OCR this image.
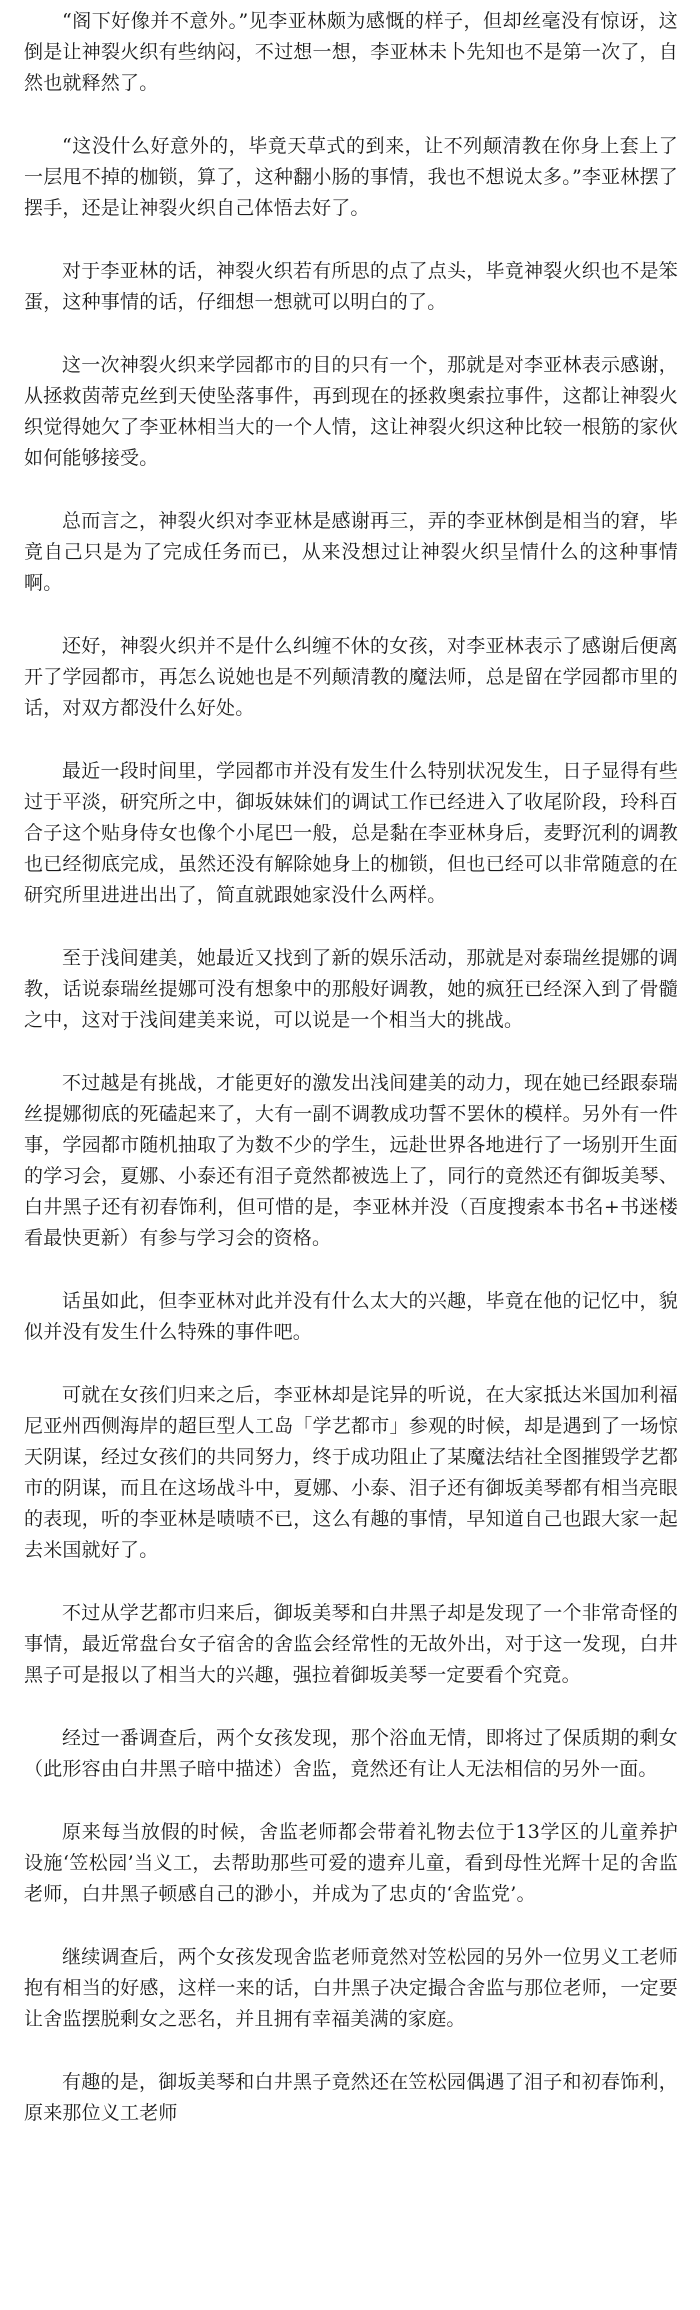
“阁下好像并不意外。”见李亚林颇为感慨的样子，但却丝毫没有惊讶，这倒是让神裂火织有些纳闷，不过想一想，李亚林未卜先知也不是第一次了，自然也就释然了。

“这没什么好意外的，毕竟天草式的到来，让不列颠清教在你身上套上了一层甩不掉的枷锁，算了，这种翻小肠的事情，我也不想说太多。”李亚林摆了摆手，还是让神裂火织自己体悟去好了。

对于李亚林的话，神裂火织若有所思的点了点头，毕竟神裂火织也不是笨蛋，这种事情的话，仔细想一想就可以明白的了。

这一次神裂火织来学园都市的目的只有一个，那就是对李亚林表示感谢，从拯救茵蒂克丝到天使坠落事件，再到现在的拯救奥索拉事件，这都让神裂火织觉得她欠了李亚林相当大的一个人情，这让神裂火织这种比较一根筋的家伙如何能够接受。

总而言之，神裂火织对李亚林是感谢再三，弄的李亚林倒是相当的窘，毕竟自己只是为了完成任务而已，从来没想过让神裂火织呈情什么的这种事情啊。

还好，神裂火织并不是什么纠缠不休的女孩，对李亚林表示了感谢后便离开了学园都市，再怎么说她也是不列颠清教的魔法师，总是留在学园都市里的话，对双方都没什么好处。

最近一段时间里，学园都市并没有发生什么特别状况发生，日子显得有些过于平淡，研究所之中，御坂妹妹们的调试工作已经进入了收尾阶段，玲科百合子这个贴身侍女也像个小尾巴一般，总是黏在李亚林身后，麦野沉利的调教也已经彻底完成，虽然还没有解除她身上的枷锁，但也已经可以非常随意的在研究所里进进出出了，简直就跟她家没什么两样。

至于浅间建美，她最近又找到了新的娱乐活动，那就是对泰瑞丝提娜的调教，话说泰瑞丝提娜可没有想象中的那般好调教，她的疯狂已经深入到了骨髓之中，这对于浅间建美来说，可以说是一个相当大的挑战。

不过越是有挑战，才能更好的激发出浅间建美的动力，现在她已经跟泰瑞丝提娜彻底的死磕起来了，大有一副不调教成功誓不罢休的模样。另外有一件事，学园都市随机抽取了为数不少的学生，远赴世界各地进行了一场别开生面的学习会，夏娜、小泰还有泪子竟然都被选上了，同行的竟然还有御坂美琴、白井黑子还有初春饰利，但可惜的是，李亚林并没（百度搜索本书名+书迷楼 看最快更新）有参与学习会的资格。

话虽如此，但李亚林对此并没有什么太大的兴趣，毕竟在他的记忆中，貌似并没有发生什么特殊的事件吧。

可就在女孩们归来之后，李亚林却是诧异的听说，在大家抵达米国加利福尼亚州西侧海岸的超巨型人工岛「学艺都市」参观的时候，却是遇到了一场惊天阴谋，经过女孩们的共同努力，终于成功阻止了某魔法结社全图摧毁学艺都市的阴谋，而且在这场战斗中，夏娜、小泰、泪子还有御坂美琴都有相当亮眼的表现，听的李亚林是啧啧不已，这么有趣的事情，早知道自己也跟大家一起去米国就好了。

不过从学艺都市归来后，御坂美琴和白井黑子却是发现了一个非常奇怪的事情，最近常盘台女子宿舍的舍监会经常性的无故外出，对于这一发现，白井黑子可是报以了相当大的兴趣，强拉着御坂美琴一定要看个究竟。

经过一番调查后，两个女孩发现，那个浴血无情，即将过了保质期的剩女（此形容由白井黑子暗中描述）舍监，竟然还有让人无法相信的另外一面。

原来每当放假的时候，舍监老师都会带着礼物去位于13学区的儿童养护设施‘笠松园’当义工，去帮助那些可爱的遗弃儿童，看到母性光辉十足的舍监老师，白井黑子顿感自己的渺小，并成为了忠贞的‘舍监党’。

继续调查后，两个女孩发现舍监老师竟然对笠松园的另外一位男义工老师抱有相当的好感，这样一来的话，白井黑子决定撮合舍监与那位老师，一定要让舍监摆脱剩女之恶名，并且拥有幸福美满的家庭。

有趣的是，御坂美琴和白井黑子竟然还在笠松园偶遇了泪子和初春饰利，原来那位义工老师
